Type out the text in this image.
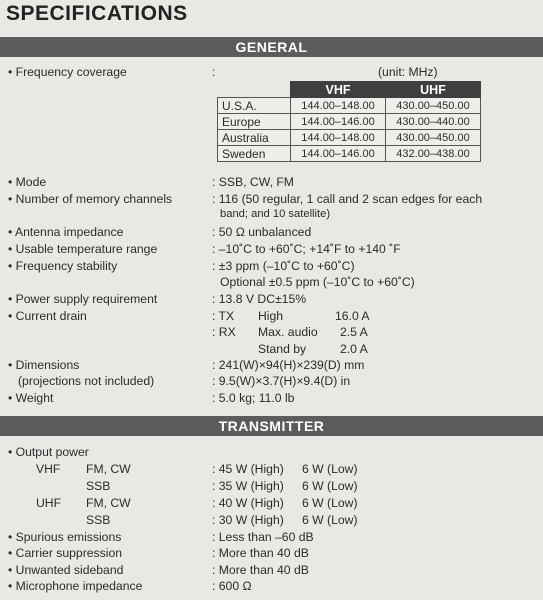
SPECIFICATIONS
GENERAL
• Frequency coverage	:	(unit: MHz)
	VHF	UHF
U.S.A.	144.00–148.00	430.00–450.00
Europe	144.00–146.00	430.00–440.00
Australia	144.00–148.00	430.00–450.00
Sweden	144.00–146.00	432.00–438.00
• Mode	: SSB, CW, FM
• Number of memory channels	: 116 (50 regular, 1 call and 2 scan edges for each
band; and 10 satellite)
• Antenna impedance	: 50 Ω unbalanced
• Usable temperature range	: –10˚C to +60˚C; +14˚F to +140 ˚F
• Frequency stability	: ±3 ppm (–10˚C to +60˚C)
Optional ±0.5 ppm (–10˚C to +60˚C)
• Power supply requirement	: 13.8 V DC±15%
• Current drain	: TX High	16.0 A
: RX Max. audio 2.5 A
Stand by	2.0 A
• Dimensions	: 241(W)×94(H)×239(D) mm
(projections not included)	: 9.5(W)×3.7(H)×9.4(D) in
• Weight	: 5.0 kg; 11.0 lb
TRANSMITTER
• Output power
VHF FM, CW	: 45 W (High) 6 W (Low)
SSB	: 35 W (High) 6 W (Low)
UHF FM, CW	: 40 W (High) 6 W (Low)
SSB	: 30 W (High) 6 W (Low)
• Spurious emissions	: Less than –60 dB
• Carrier suppression	: More than 40 dB
• Unwanted sideband	: More than 40 dB
• Microphone impedance	: 600 Ω
